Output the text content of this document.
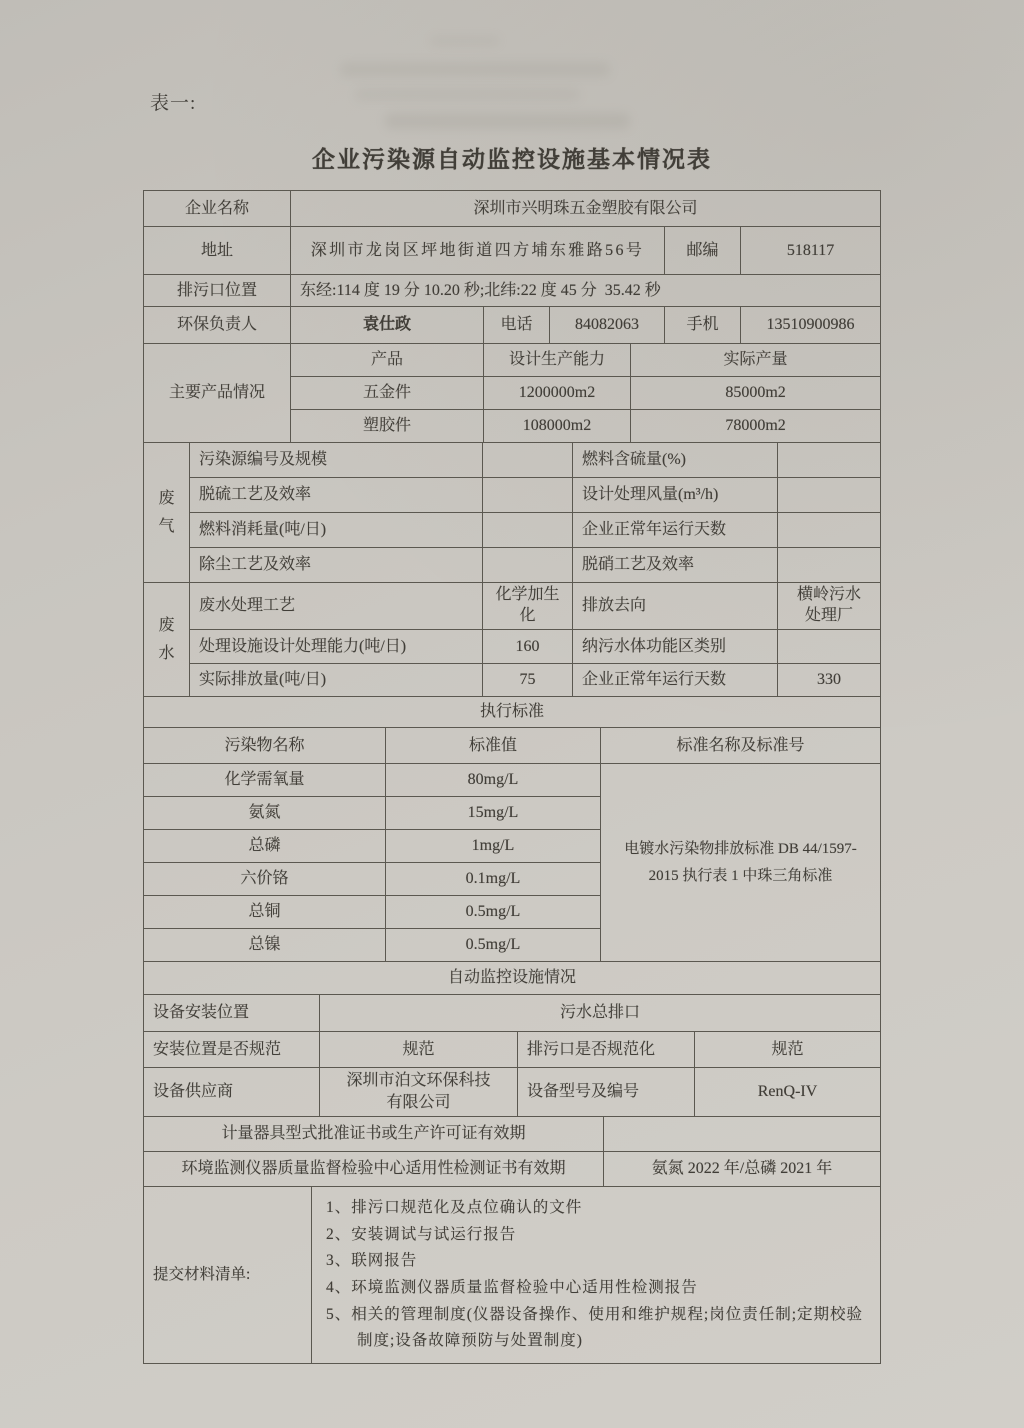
表一:
企业污染源自动监控设施基本情况表
企业名称	深圳市兴明珠五金塑胶有限公司					
地址	深圳市龙岗区坪地街道四方埔东雅路56号				邮编	518117
排污口位置	东经:114 度 19 分 10.20 秒;北纬:22 度 45 分  35.42 秒					
环保负责人	袁仕政	电话	84082063		手机	13510900986
主要产品情况	产品	设计生产能力		实际产量		
	五金件	1200000m2		85000m2		
	塑胶件	108000m2		78000m2		
废气	污染源编号及规模		燃料含硫量(%)	
	脱硫工艺及效率		设计处理风量(m³/h)	
	燃料消耗量(吨/日)		企业正常年运行天数	
	除尘工艺及效率		脱硝工艺及效率	
废水	废水处理工艺	化学加生化	排放去向	横岭污水处理厂
	处理设施设计处理能力(吨/日)	160	纳污水体功能区类别	
	实际排放量(吨/日)	75	企业正常年运行天数	330
执行标准		
污染物名称	标准值	标准名称及标准号
化学需氧量	80mg/L	电镀水污染物排放标准 DB 44/1597-2015 执行表 1 中珠三角标准
氨氮	15mg/L	
总磷	1mg/L	
六价铬	0.1mg/L	
总铜	0.5mg/L	
总镍	0.5mg/L	
自动监控设施情况			
设备安装位置	污水总排口		
安装位置是否规范	规范	排污口是否规范化	规范
设备供应商	深圳市泊文环保科技有限公司	设备型号及编号	RenQ-IV
计量器具型式批准证书或生产许可证有效期	
环境监测仪器质量监督检验中心适用性检测证书有效期	氨氮 2022 年/总磷 2021 年
提交材料清单:	
1、排污口规范化及点位确认的文件
2、安装调试与试运行报告
3、联网报告
4、环境监测仪器质量监督检验中心适用性检测报告
5、相关的管理制度(仪器设备操作、使用和维护规程;岗位责任制;定期校验制度;设备故障预防与处置制度)
